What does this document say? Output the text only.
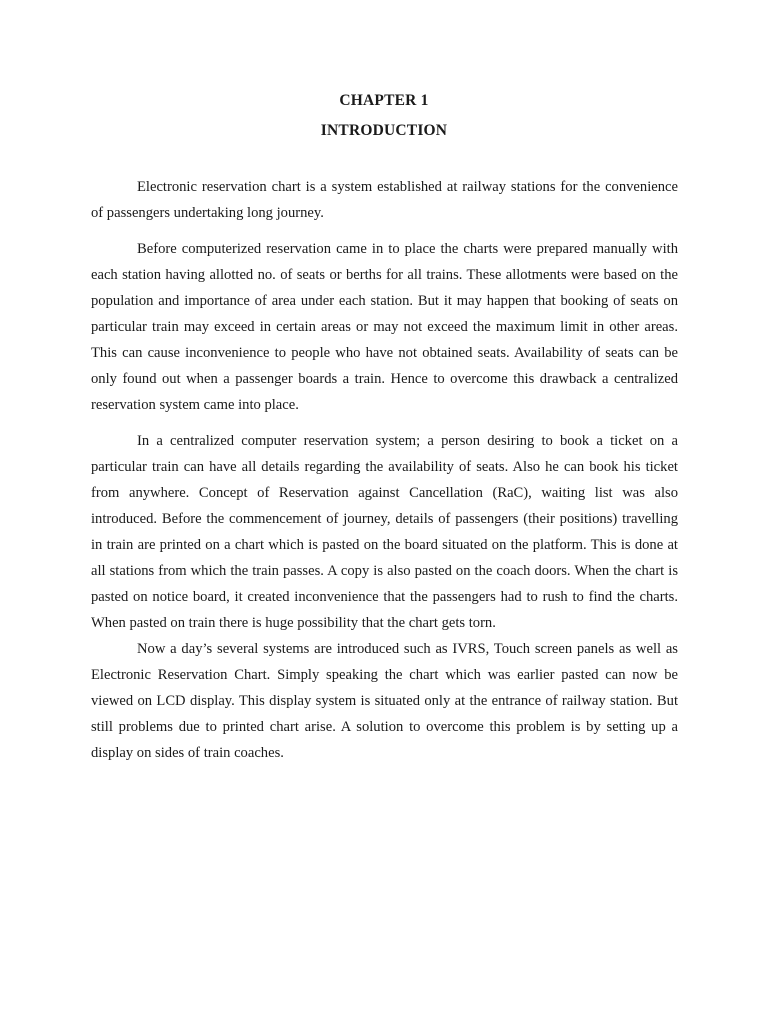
CHAPTER 1
INTRODUCTION

Electronic reservation chart is a system established at railway stations for the convenience of passengers undertaking long journey.

Before computerized reservation came in to place the charts were prepared manually with each station having allotted no. of seats or berths for all trains. These allotments were based on the population and importance of area under each station. But it may happen that booking of seats on particular train may exceed in certain areas or may not exceed the maximum limit in other areas. This can cause inconvenience to people who have not obtained seats. Availability of seats can be only found out when a passenger boards a train. Hence to overcome this drawback a centralized reservation system came into place.

In a centralized computer reservation system; a person desiring to book a ticket on a particular train can have all details regarding the availability of seats. Also he can book his ticket from anywhere. Concept of Reservation against Cancellation (RaC), waiting list was also introduced. Before the commencement of journey, details of passengers (their positions) travelling in train are printed on a chart which is pasted on the board situated on the platform. This is done at all stations from which the train passes. A copy is also pasted on the coach doors. When the chart is pasted on notice board, it created inconvenience that the passengers had to rush to find the charts. When pasted on train there is huge possibility that the chart gets torn.

Now a day’s several systems are introduced such as IVRS, Touch screen panels as well as Electronic Reservation Chart. Simply speaking the chart which was earlier pasted can now be viewed on LCD display. This display system is situated only at the entrance of railway station. But still problems due to printed chart arise. A solution to overcome this problem is by setting up a display on sides of train coaches.
